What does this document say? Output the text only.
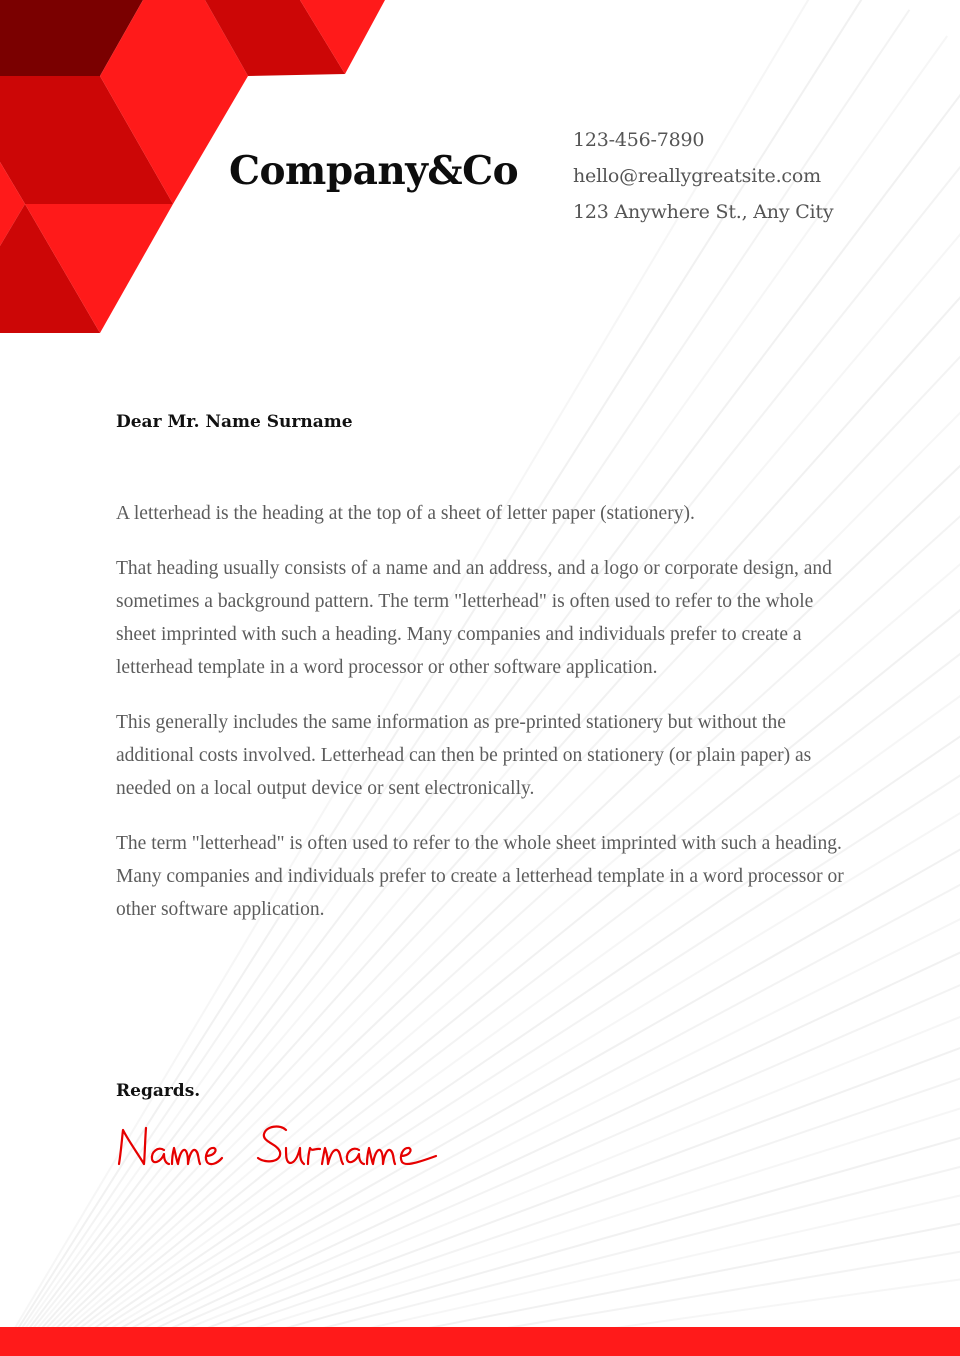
Company&Co
123-456-7890
hello@reallygreatsite.com
123 Anywhere St., Any City
Dear Mr. Name Surname

A letterhead is the heading at the top of a sheet of letter paper (stationery).

That heading usually consists of a name and an address, and a logo or corporate design, and sometimes a background pattern. The term "letterhead" is often used to refer to the whole sheet imprinted with such a heading. Many companies and individuals prefer to create a letterhead template in a word processor or other software application.

This generally includes the same information as pre-printed stationery but without the additional costs involved. Letterhead can then be printed on stationery (or plain paper) as needed on a local output device or sent electronically.

The term "letterhead" is often used to refer to the whole sheet imprinted with such a heading. Many companies and individuals prefer to create a letterhead template in a word processor or other software application.

Regards.
